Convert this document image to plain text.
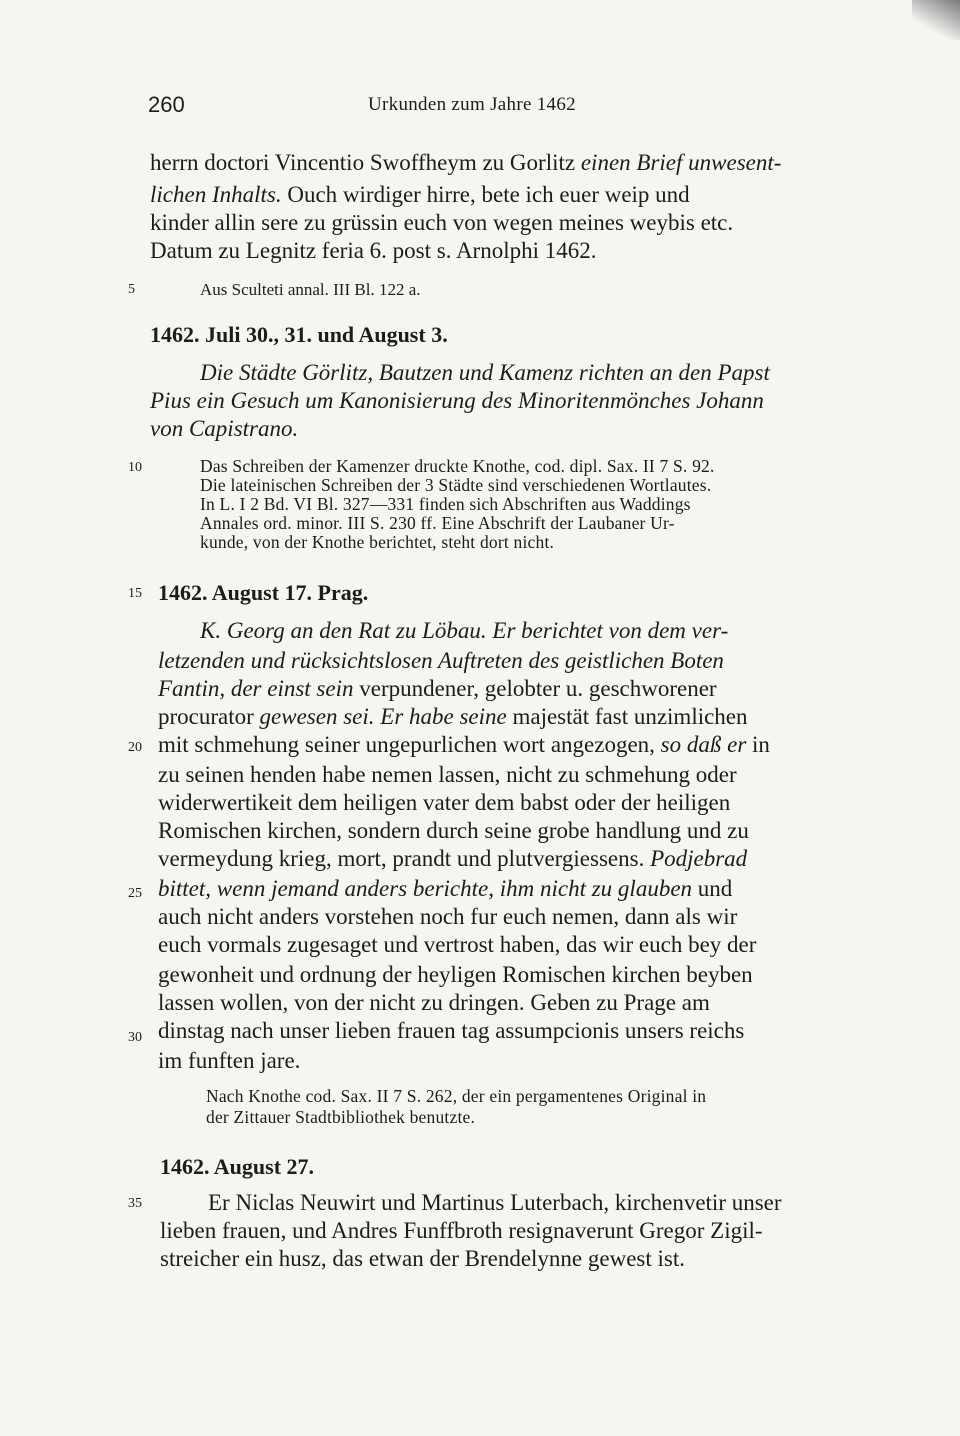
260	Urkunden zum Jahre 1462
5
10
15
20
25
30
35
herrn doctori Vincentio Swoffheym zu Gorlitz einen Brief unwesent-
lichen Inhalts. Ouch wirdiger hirre, bete ich euer weip und
kinder allin sere zu grüssin euch von wegen meines weybis etc.
Datum zu Legnitz feria 6. post s. Arnolphi 1462.
Aus Sculteti annal. III Bl. 122 a.
1462. Juli 30., 31. und August 3.
Die Städte Görlitz, Bautzen und Kamenz richten an den Papst
Pius ein Gesuch um Kanonisierung des Minoritenmönches Johann
von Capistrano.
Das Schreiben der Kamenzer druckte Knothe, cod. dipl. Sax. II 7 S. 92.
Die lateinischen Schreiben der 3 Städte sind verschiedenen Wortlautes.
In L. I 2 Bd. VI Bl. 327—331 finden sich Abschriften aus Waddings
Annales ord. minor. III S. 230 ff. Eine Abschrift der Laubaner Ur-
kunde, von der Knothe berichtet, steht dort nicht.
1462. August 17. Prag.
K. Georg an den Rat zu Löbau. Er berichtet von dem ver-
letzenden und rücksichtslosen Auftreten des geistlichen Boten
Fantin, der einst sein verpundener, gelobter u. geschworener
procurator gewesen sei. Er habe seine majestät fast unzimlichen
mit schmehung seiner ungepurlichen wort angezogen, so daß er in
zu seinen henden habe nemen lassen, nicht zu schmehung oder
widerwertikeit dem heiligen vater dem babst oder der heiligen
Romischen kirchen, sondern durch seine grobe handlung und zu
vermeydung krieg, mort, prandt und plutvergiessens. Podjebrad
bittet, wenn jemand anders berichte, ihm nicht zu glauben und
auch nicht anders vorstehen noch fur euch nemen, dann als wir
euch vormals zugesaget und vertrost haben, das wir euch bey der
gewonheit und ordnung der heyligen Romischen kirchen beyben
lassen wollen, von der nicht zu dringen. Geben zu Prage am
dinstag nach unser lieben frauen tag assumpcionis unsers reichs
im funften jare.
Nach Knothe cod. Sax. II 7 S. 262, der ein pergamentenes Original in
der Zittauer Stadtbibliothek benutzte.
1462. August 27.
Er Niclas Neuwirt und Martinus Luterbach, kirchenvetir unser
lieben frauen, und Andres Funffbroth resignaverunt Gregor Zigil-
streicher ein husz, das etwan der Brendelynne gewest ist.
